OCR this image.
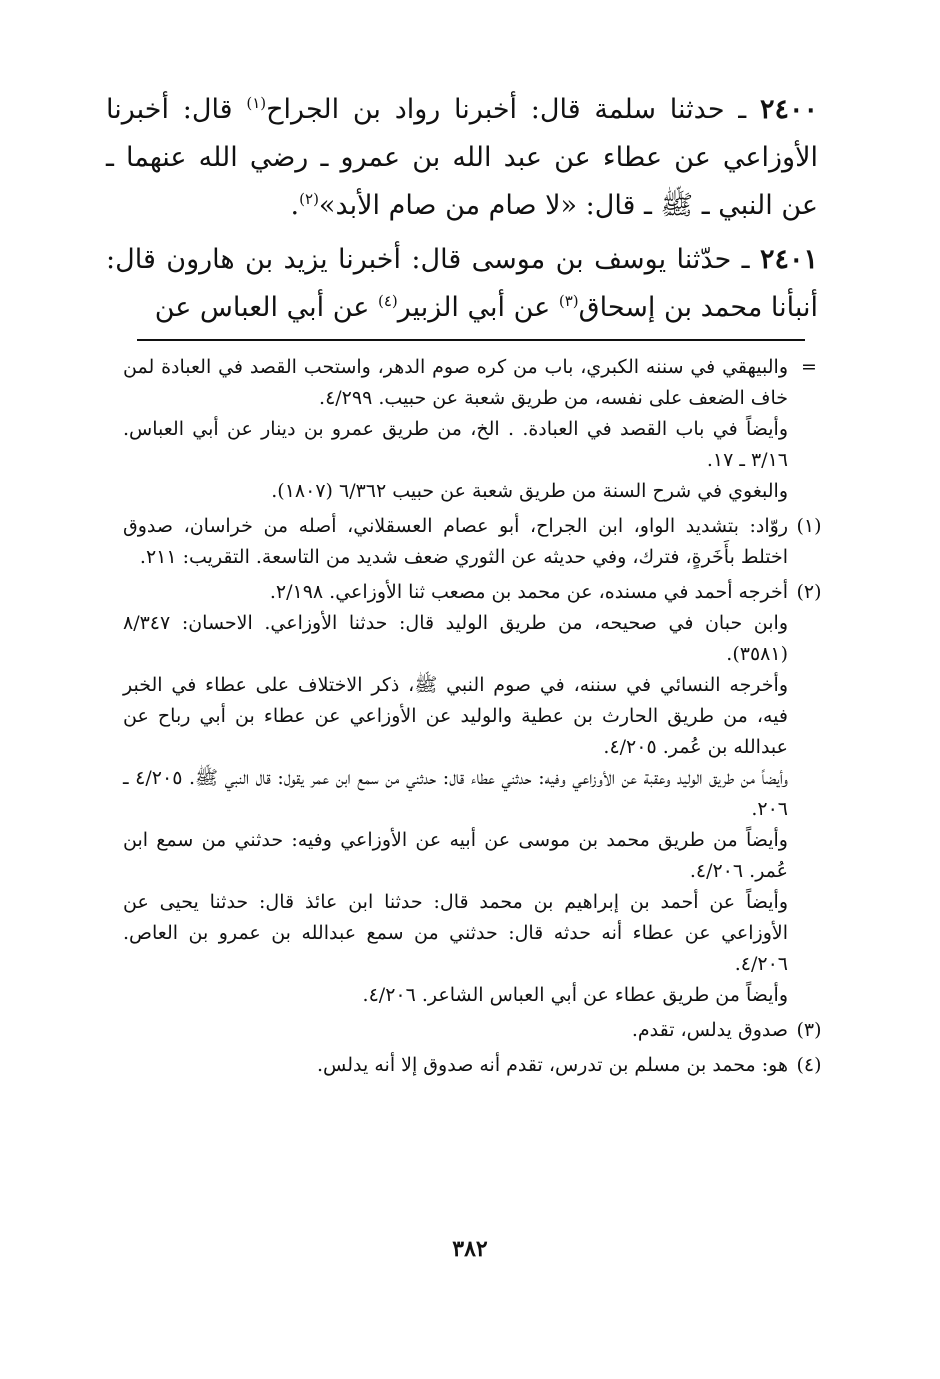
٢٤٠٠ ـ حدثنا سلمة قال: أخبرنا رواد بن الجراح$^{(١)}$ قال: أخبرنا الأوزاعي عن عطاء عن عبد الله بن عمرو ـ رضي الله عنهما ـ عن النبي ـ ﷺ ـ قال: «لا صام من صام الأبد»$^{(٢)}$.

٢٤٠١ ـ حدّثنا يوسف بن موسى قال: أخبرنا يزيد بن هارون قال: أنبأنا محمد بن إسحاق$^{(٣)}$ عن أبي الزبير$^{(٤)}$ عن أبي العباس عن

=
والبيهقي في سننه الكبري، باب من كره صوم الدهر، واستحب القصد في العبادة لمن خاف الضعف على نفسه، من طريق شعبة عن حبيب. ٤/٢٩٩.
وأيضاً في باب القصد في العبادة. . الخ، من طريق عمرو بن دينار عن أبي العباس. ٣/١٦ ـ ١٧.
والبغوي في شرح السنة من طريق شعبة عن حبيب ٦/٣٦٢ (١٨٠٧).
(١)
روّاد: بتشديد الواو، ابن الجراح، أبو عصام العسقلاني، أصله من خراسان، صدوق اختلط بأَخَرةٍ، فترك، وفي حديثه عن الثوري ضعف شديد من التاسعة. التقريب: ٢١١.
(٢)
أخرجه أحمد في مسنده، عن محمد بن مصعب ثنا الأوزاعي. ٢/١٩٨.
وابن حبان في صحيحه، من طريق الوليد قال: حدثنا الأوزاعي. الاحسان: ٨/٣٤٧ (٣٥٨١).
وأخرجه النسائي في سننه، في صوم النبي ﷺ، ذكر الاختلاف على عطاء في الخبر فيه، من طريق الحارث بن عطية والوليد عن الأوزاعي عن عطاء بن أبي رباح عن عبدالله بن عُمر. ٤/٢٠٥.
وأيضاً من طريق الوليد وعقبة عن الأوزاعي وفيه: حدثني عطاء قال: حدثني من سمع ابن عمر يقول: قال النبي ﷺ. ٤/٢٠٥ ـ ٢٠٦.
وأيضاً من طريق محمد بن موسى عن أبيه عن الأوزاعي وفيه: حدثني من سمع ابن عُمر. ٤/٢٠٦.
وأيضاً عن أحمد بن إبراهيم بن محمد قال: حدثنا ابن عائذ قال: حدثنا يحيى عن الأوزاعي عن عطاء أنه حدثه قال: حدثني من سمع عبدالله بن عمرو بن العاص. ٤/٢٠٦.
وأيضاً من طريق عطاء عن أبي العباس الشاعر. ٤/٢٠٦.
(٣)
صدوق يدلس، تقدم.
(٤)
هو: محمد بن مسلم بن تدرس، تقدم أنه صدوق إلا أنه يدلس.
٣٨٢
